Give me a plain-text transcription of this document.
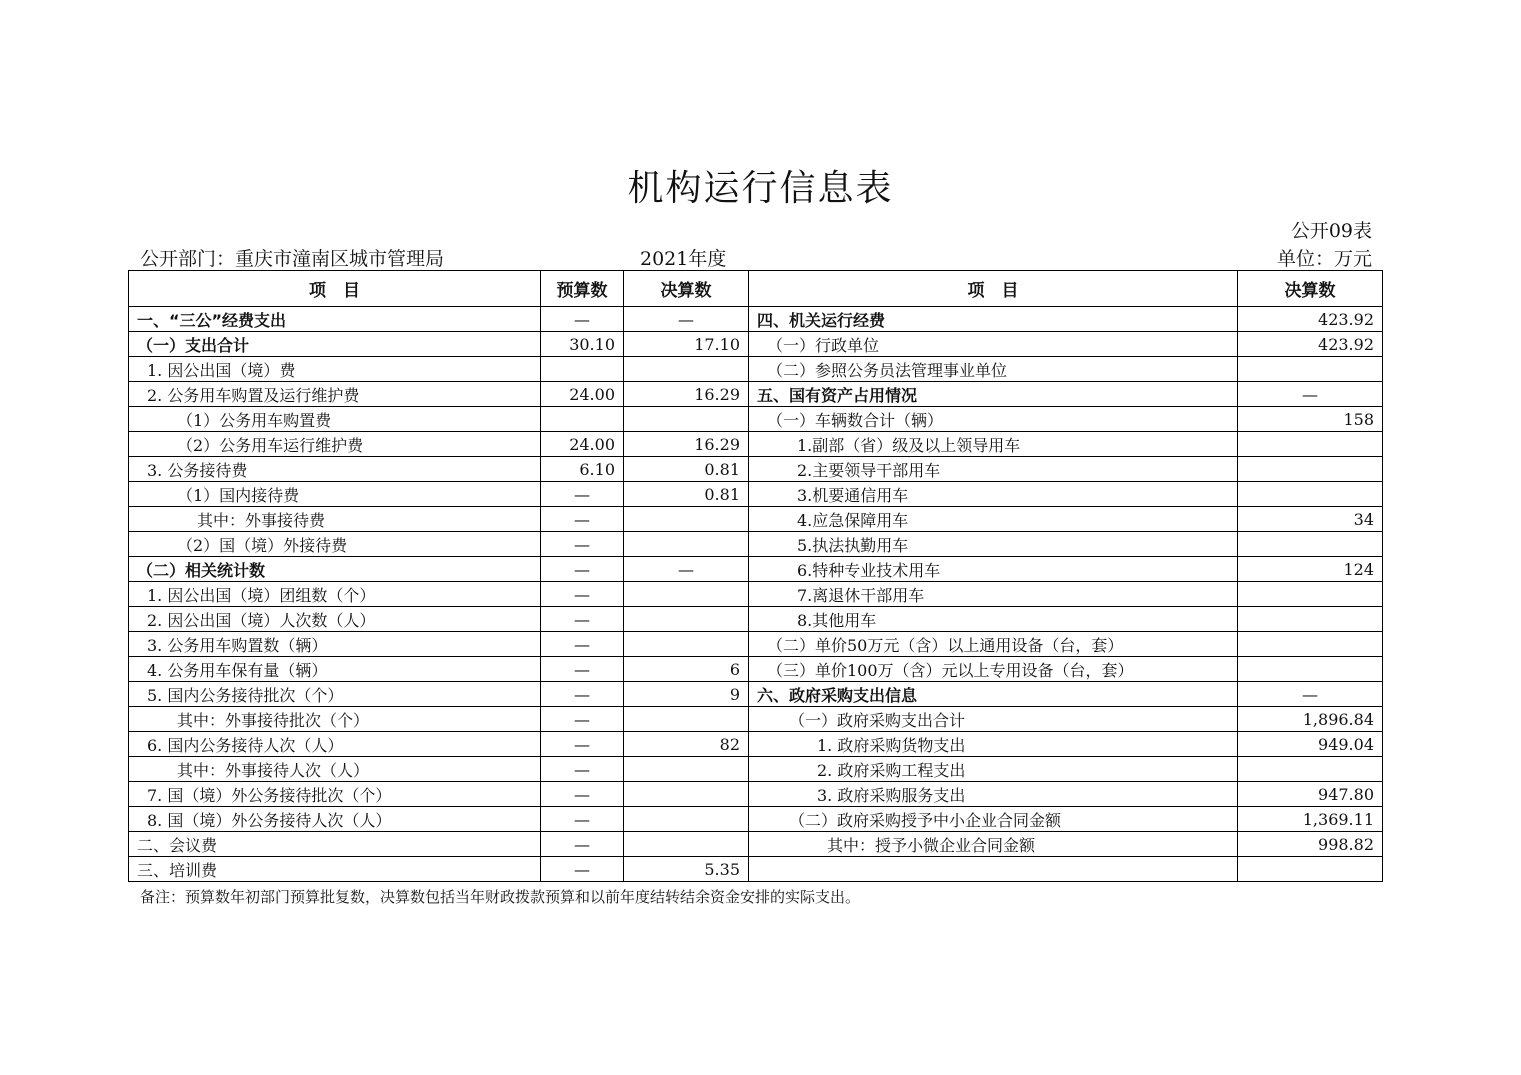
机构运行信息表
公开09表
公开部门：重庆市潼南区城市管理局	2021年度	单位：万元
项　目	预算数	决算数	项　目	决算数
一、“三公”经费支出	—	—	四、机关运行经费	423.92
（一）支出合计	30.10	17.10	（一）行政单位	423.92
1. 因公出国（境）费			（二）参照公务员法管理事业单位	
2. 公务用车购置及运行维护费	24.00	16.29	五、国有资产占用情况	—
（1）公务用车购置费			（一）车辆数合计（辆）	158
（2）公务用车运行维护费	24.00	16.29	1.副部（省）级及以上领导用车	
3. 公务接待费	6.10	0.81	2.主要领导干部用车	
（1）国内接待费	—	0.81	3.机要通信用车	
其中：外事接待费	—		4.应急保障用车	34
（2）国（境）外接待费	—		5.执法执勤用车	
（二）相关统计数	—	—	6.特种专业技术用车	124
1. 因公出国（境）团组数（个）	—		7.离退休干部用车	
2. 因公出国（境）人次数（人）	—		8.其他用车	
3. 公务用车购置数（辆）	—		（二）单价50万元（含）以上通用设备（台，套）	
4. 公务用车保有量（辆）	—	6	（三）单价100万（含）元以上专用设备（台，套）	
5. 国内公务接待批次（个）	—	9	六、政府采购支出信息	—
其中：外事接待批次（个）	—		（一）政府采购支出合计	1,896.84
6. 国内公务接待人次（人）	—	82	1. 政府采购货物支出	949.04
其中：外事接待人次（人）	—		2. 政府采购工程支出	
7. 国（境）外公务接待批次（个）	—		3. 政府采购服务支出	947.80
8. 国（境）外公务接待人次（人）	—		（二）政府采购授予中小企业合同金额	1,369.11
二、会议费	—		其中：授予小微企业合同金额	998.82
三、培训费	—	5.35		
备注：预算数年初部门预算批复数，决算数包括当年财政拨款预算和以前年度结转结余资金安排的实际支出。
